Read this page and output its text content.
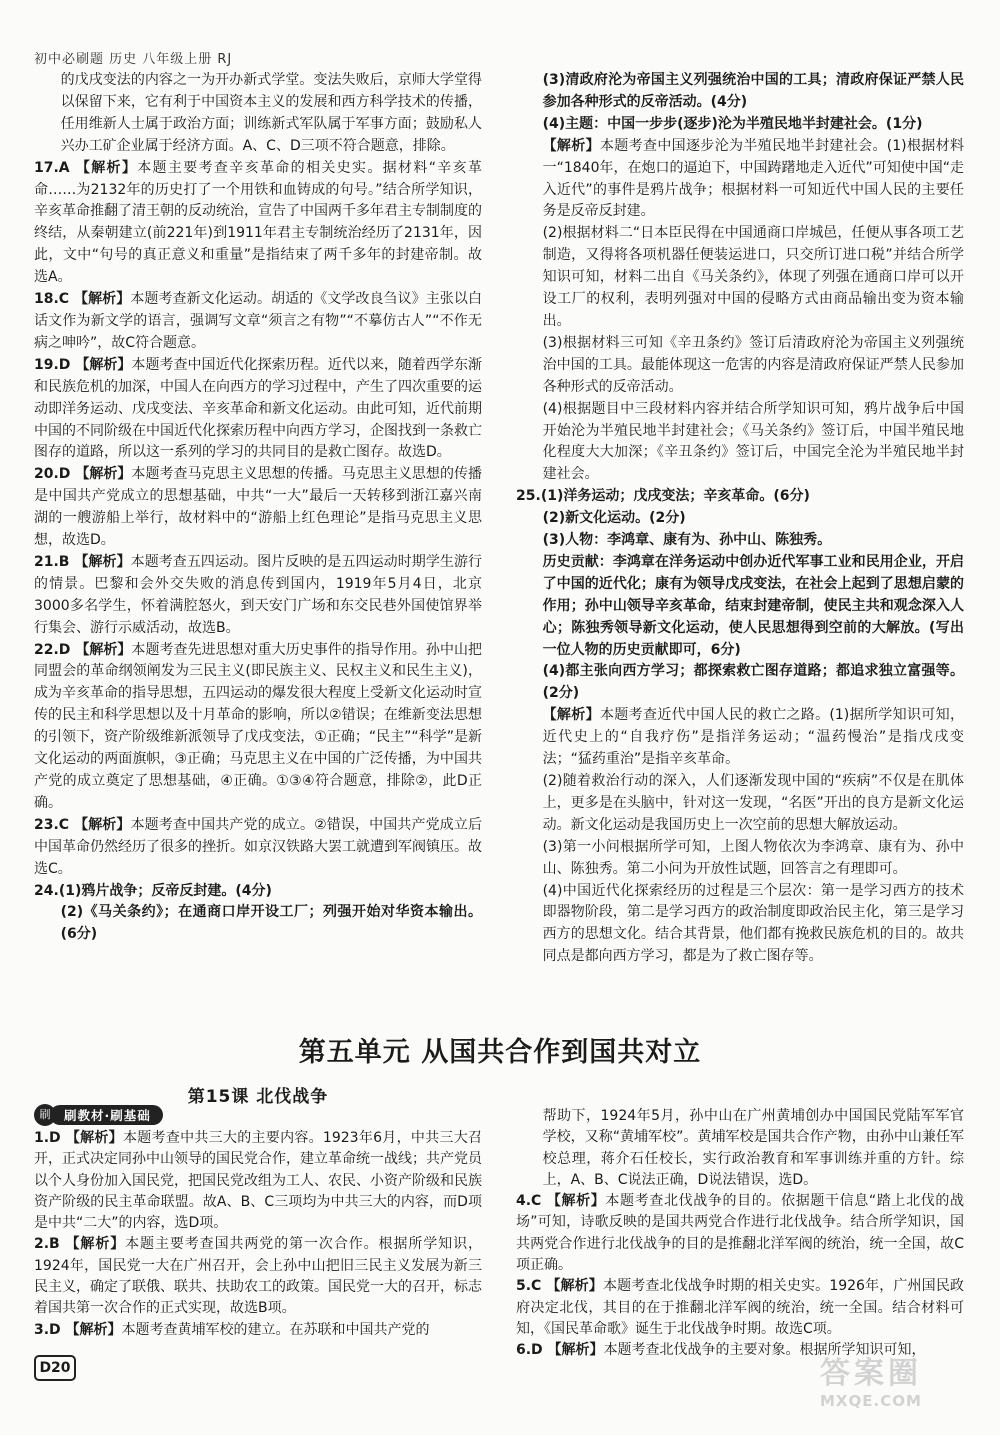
初中必刷题 历史 八年级上册 RJ

的戊戌变法的内容之一为开办新式学堂。变法失败后，京师大学堂得以保留下来，它有利于中国资本主义的发展和西方科学技术的传播，任用维新人士属于政治方面；训练新式军队属于军事方面；鼓励私人兴办工矿企业属于经济方面。A、C、D三项不符合题意，排除。

17.A 【解析】本题主要考查辛亥革命的相关史实。据材料“辛亥革命……为2132年的历史打了一个用铁和血铸成的句号。”结合所学知识，辛亥革命推翻了清王朝的反动统治，宣告了中国两千多年君主专制制度的终结，从秦朝建立(前221年)到1911年君主专制统治经历了2131年，因此，文中“句号的真正意义和重量”是指结束了两千多年的封建帝制。故选A。

18.C 【解析】本题考查新文化运动。胡适的《文学改良刍议》主张以白话文作为新文学的语言，强调写文章“须言之有物”“不摹仿古人”“不作无病之呻吟”，故C符合题意。

19.D 【解析】本题考查中国近代化探索历程。近代以来，随着西学东渐和民族危机的加深，中国人在向西方的学习过程中，产生了四次重要的运动即洋务运动、戊戌变法、辛亥革命和新文化运动。由此可知，近代前期中国的不同阶级在中国近代化探索历程中向西方学习，企图找到一条救亡图存的道路，所以这一系列的学习的共同目的是救亡图存。故选D。

20.D 【解析】本题考查马克思主义思想的传播。马克思主义思想的传播是中国共产党成立的思想基础，中共“一大”最后一天转移到浙江嘉兴南湖的一艘游船上举行，故材料中的“游船上红色理论”是指马克思主义思想，故选D。

21.B 【解析】本题考查五四运动。图片反映的是五四运动时期学生游行的情景。巴黎和会外交失败的消息传到国内，1919年5月4日，北京3000多名学生，怀着满腔怒火，到天安门广场和东交民巷外国使馆界举行集会、游行示威活动，故选B。

22.D 【解析】本题考查先进思想对重大历史事件的指导作用。孙中山把同盟会的革命纲领阐发为三民主义(即民族主义、民权主义和民生主义)，成为辛亥革命的指导思想，五四运动的爆发很大程度上受新文化运动时宣传的民主和科学思想以及十月革命的影响，所以②错误；在维新变法思想的引领下，资产阶级维新派领导了戊戌变法，①正确；“民主”“科学”是新文化运动的两面旗帜，③正确；马克思主义在中国的广泛传播，为中国共产党的成立奠定了思想基础，④正确。①③④符合题意，排除②，此D正确。

23.C 【解析】本题考查中国共产党的成立。②错误，中国共产党成立后中国革命仍然经历了很多的挫折。如京汉铁路大罢工就遭到军阀镇压。故选C。

24.(1)鸦片战争；反帝反封建。(4分)

(2)《马关条约》；在通商口岸开设工厂；列强开始对华资本输出。(6分)

(3)清政府沦为帝国主义列强统治中国的工具；清政府保证严禁人民参加各种形式的反帝活动。(4分)

(4)主题：中国一步步(逐步)沦为半殖民地半封建社会。(1分)

【解析】本题考查中国逐步沦为半殖民地半封建社会。(1)根据材料一“1840年，在炮口的逼迫下，中国踌躇地走入近代”可知使中国“走入近代”的事件是鸦片战争；根据材料一可知近代中国人民的主要任务是反帝反封建。

(2)根据材料二“日本臣民得在中国通商口岸城邑，任便从事各项工艺制造，又得将各项机器任便装运进口，只交所订进口税”并结合所学知识可知，材料二出自《马关条约》，体现了列强在通商口岸可以开设工厂的权利，表明列强对中国的侵略方式由商品输出变为资本输出。

(3)根据材料三可知《辛丑条约》签订后清政府沦为帝国主义列强统治中国的工具。最能体现这一危害的内容是清政府保证严禁人民参加各种形式的反帝活动。

(4)根据题目中三段材料内容并结合所学知识可知，鸦片战争后中国开始沦为半殖民地半封建社会；《马关条约》签订后，中国半殖民地化程度大大加深；《辛丑条约》签订后，中国完全沦为半殖民地半封建社会。

25.(1)洋务运动；戊戌变法；辛亥革命。(6分)

(2)新文化运动。(2分)

(3)人物：李鸿章、康有为、孙中山、陈独秀。

历史贡献：李鸿章在洋务运动中创办近代军事工业和民用企业，开启了中国的近代化；康有为领导戊戌变法，在社会上起到了思想启蒙的作用；孙中山领导辛亥革命，结束封建帝制，使民主共和观念深入人心；陈独秀领导新文化运动，使人民思想得到空前的大解放。(写出一位人物的历史贡献即可，6分)

(4)都主张向西方学习；都探索救亡图存道路；都追求独立富强等。(2分)

【解析】本题考查近代中国人民的救亡之路。(1)据所学知识可知，近代史上的“自我疗伤”是指洋务运动；“温药慢治”是指戊戌变法；“猛药重治”是指辛亥革命。

(2)随着救治行动的深入，人们逐渐发现中国的“疾病”不仅是在肌体上，更多是在头脑中，针对这一发现，“名医”开出的良方是新文化运动。新文化运动是我国历史上一次空前的思想大解放运动。

(3)第一小问根据所学可知，上图人物依次为李鸿章、康有为、孙中山、陈独秀。第二小问为开放性试题，回答言之有理即可。

(4)中国近代化探索经历的过程是三个层次：第一是学习西方的技术即器物阶段，第二是学习西方的政治制度即政治民主化，第三是学习西方的思想文化。结合其背景，他们都有挽救民族危机的目的。故共同点是都向西方学习，都是为了救亡图存等。

第五单元 从国共合作到国共对立
第15课 北伐战争
刷	刷教材·刷基础

1.D 【解析】本题考查中共三大的主要内容。1923年6月，中共三大召开，正式决定同孙中山领导的国民党合作，建立革命统一战线；共产党员以个人身份加入国民党，把国民党改组为工人、农民、小资产阶级和民族资产阶级的民主革命联盟。故A、B、C三项均为中共三大的内容，而D项是中共“二大”的内容，选D项。

2.B 【解析】本题主要考查国共两党的第一次合作。根据所学知识，1924年，国民党一大在广州召开，会上孙中山把旧三民主义发展为新三民主义，确定了联俄、联共、扶助农工的政策。国民党一大的召开，标志着国共第一次合作的正式实现，故选B项。

3.D 【解析】本题考查黄埔军校的建立。在苏联和中国共产党的

帮助下，1924年5月，孙中山在广州黄埔创办中国国民党陆军军官学校，又称“黄埔军校”。黄埔军校是国共合作产物，由孙中山兼任军校总理，蒋介石任校长，实行政治教育和军事训练并重的方针。综上，A、B、C说法正确，D说法错误，选D。

4.C 【解析】本题考查北伐战争的目的。依据题干信息“踏上北伐的战场”可知，诗歌反映的是国共两党合作进行北伐战争。结合所学知识，国共两党合作进行北伐战争的目的是推翻北洋军阀的统治，统一全国，故C项正确。

5.C 【解析】本题考查北伐战争时期的相关史实。1926年，广州国民政府决定北伐，其目的在于推翻北洋军阀的统治，统一全国。结合材料可知，《国民革命歌》诞生于北伐战争时期。故选C项。

6.D 【解析】本题考查北伐战争的主要对象。根据所学知识可知，

D20	答案圈
MXQE.COM
